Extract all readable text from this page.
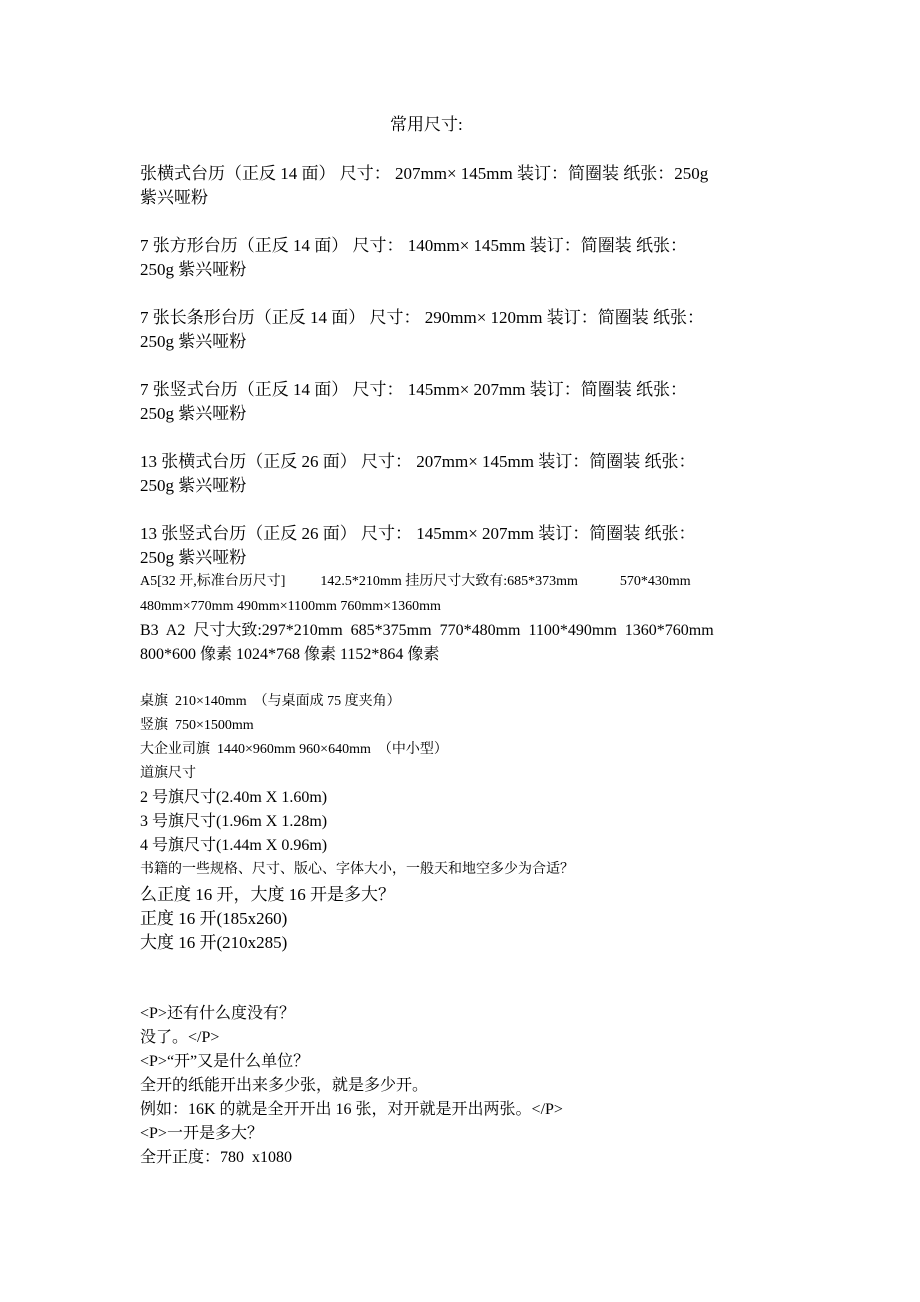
常用尺寸:
张横式台历（正反 14 面） 尺寸： 207mm× 145mm 装订：简圈装 纸张：250g
紫兴哑粉
7 张方形台历（正反 14 面） 尺寸： 140mm× 145mm 装订：简圈装 纸张：
250g 紫兴哑粉
7 张长条形台历（正反 14 面） 尺寸： 290mm× 120mm 装订：简圈装 纸张：
250g 紫兴哑粉
7 张竖式台历（正反 14 面） 尺寸： 145mm× 207mm 装订：简圈装 纸张：
250g 紫兴哑粉
13 张横式台历（正反 26 面） 尺寸： 207mm× 145mm 装订：简圈装 纸张：
250g 紫兴哑粉
13 张竖式台历（正反 26 面） 尺寸： 145mm× 207mm 装订：简圈装 纸张：
250g 紫兴哑粉
A5[32 开,标准台历尺寸]          142.5*210mm 挂历尺寸大致有:685*373mm            570*430mm
480mm×770mm 490mm×1100mm 760mm×1360mm
B3  A2  尺寸大致:297*210mm  685*375mm  770*480mm  1100*490mm  1360*760mm
800*600 像素 1024*768 像素 1152*864 像素
桌旗  210×140mm  （与桌面成 75 度夹角）
竖旗  750×1500mm
大企业司旗  1440×960mm 960×640mm  （中小型）
道旗尺寸
2 号旗尺寸(2.40m X 1.60m)
3 号旗尺寸(1.96m X 1.28m)
4 号旗尺寸(1.44m X 0.96m)
书籍的一些规格、尺寸、版心、字体大小，一般天和地空多少为合适？
么正度 16 开，大度 16 开是多大？
正度 16 开(185x260)
大度 16 开(210x285)
<P>还有什么度没有？
没了。</P>
<P>“开”又是什么单位？
全开的纸能开出来多少张，就是多少开。
例如：16K 的就是全开开出 16 张，对开就是开出两张。</P>
<P>一开是多大？
全开正度：780  x1080
